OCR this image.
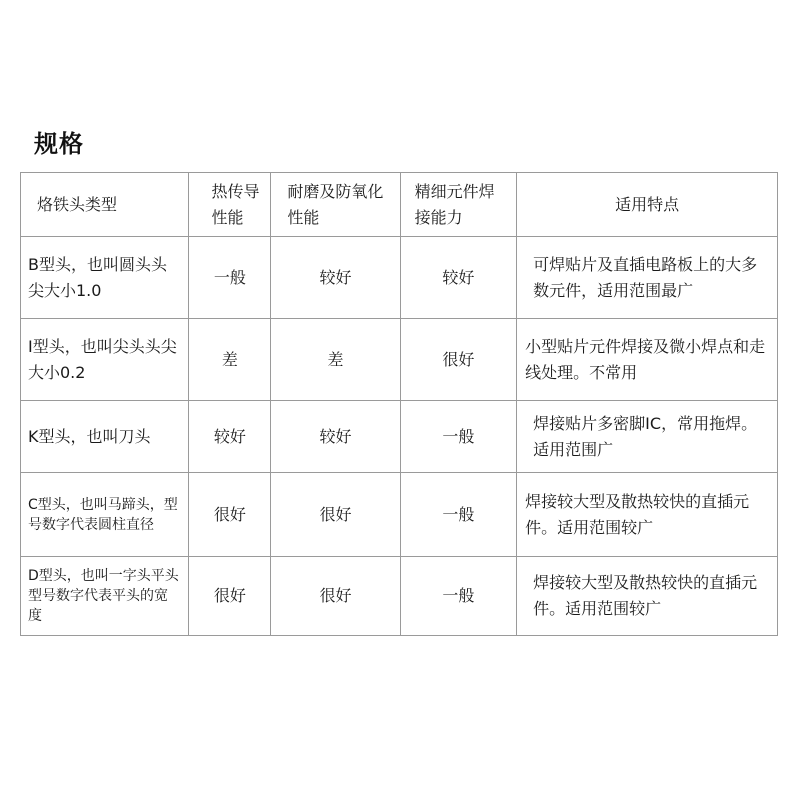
规格
烙铁头类型	热传导性能	耐磨及防氧化性能	精细元件焊接能力	适用特点
B型头，也叫圆头头尖大小1.0	一般	较好	较好	可焊贴片及直插电路板上的大多数元件，适用范围最广
I型头，也叫尖头头尖大小0.2	差	差	很好	小型贴片元件焊接及微小焊点和走线处理。不常用
K型头，也叫刀头	较好	较好	一般	焊接贴片多密脚IC，常用拖焊。适用范围广
C型头，也叫马蹄头，型号数字代表圆柱直径	很好	很好	一般	焊接较大型及散热较快的直插元件。适用范围较广
D型头，也叫一字头平头型号数字代表平头的宽度	很好	很好	一般	焊接较大型及散热较快的直插元件。适用范围较广
